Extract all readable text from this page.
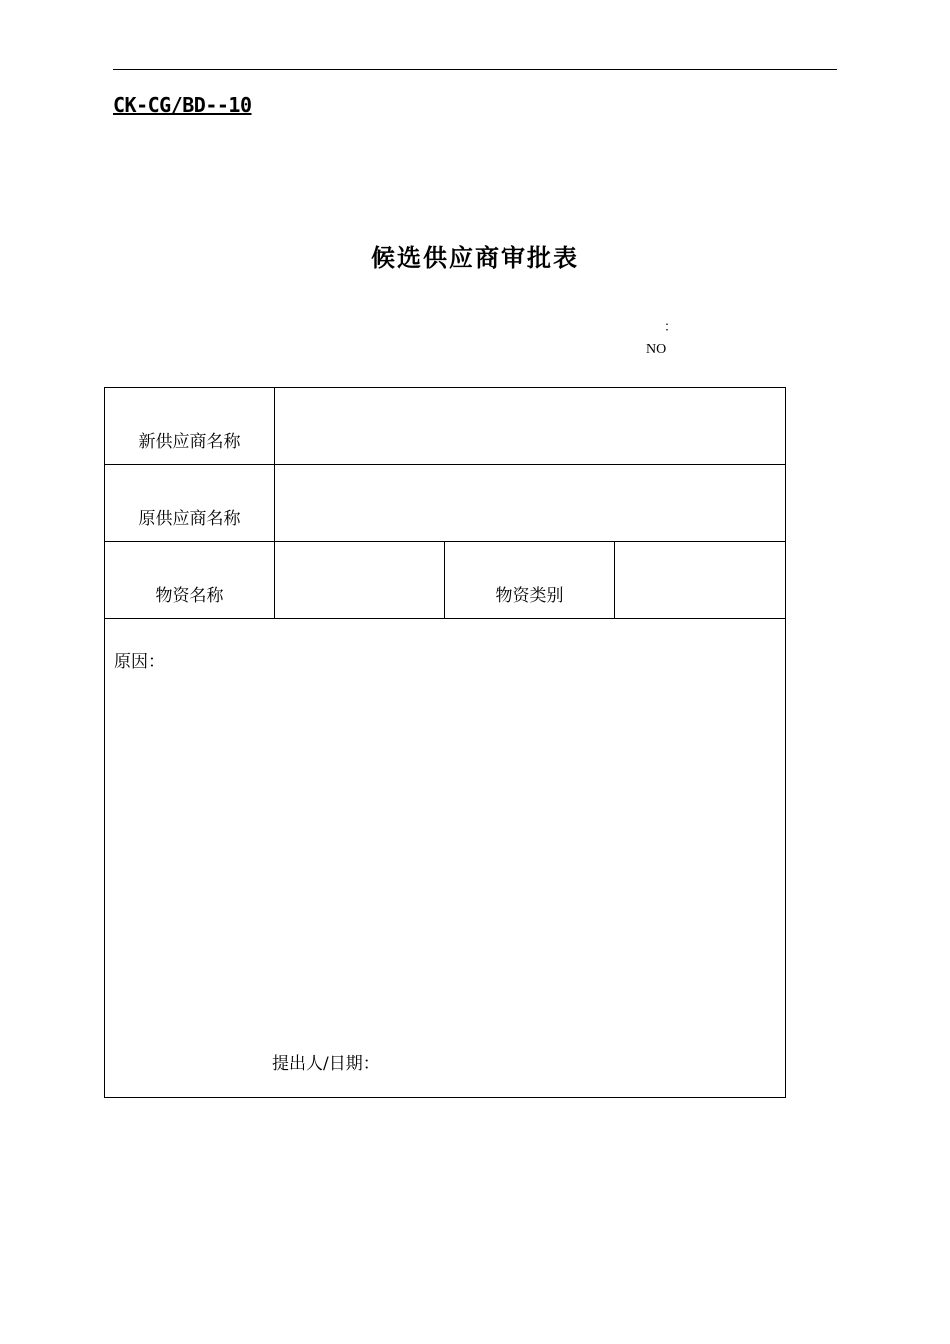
CK-CG/BD--10
候选供应商审批表
：
NO
新供应商名称			
原供应商名称			
物资名称		物资类别	

原因：
提出人/日期：			
